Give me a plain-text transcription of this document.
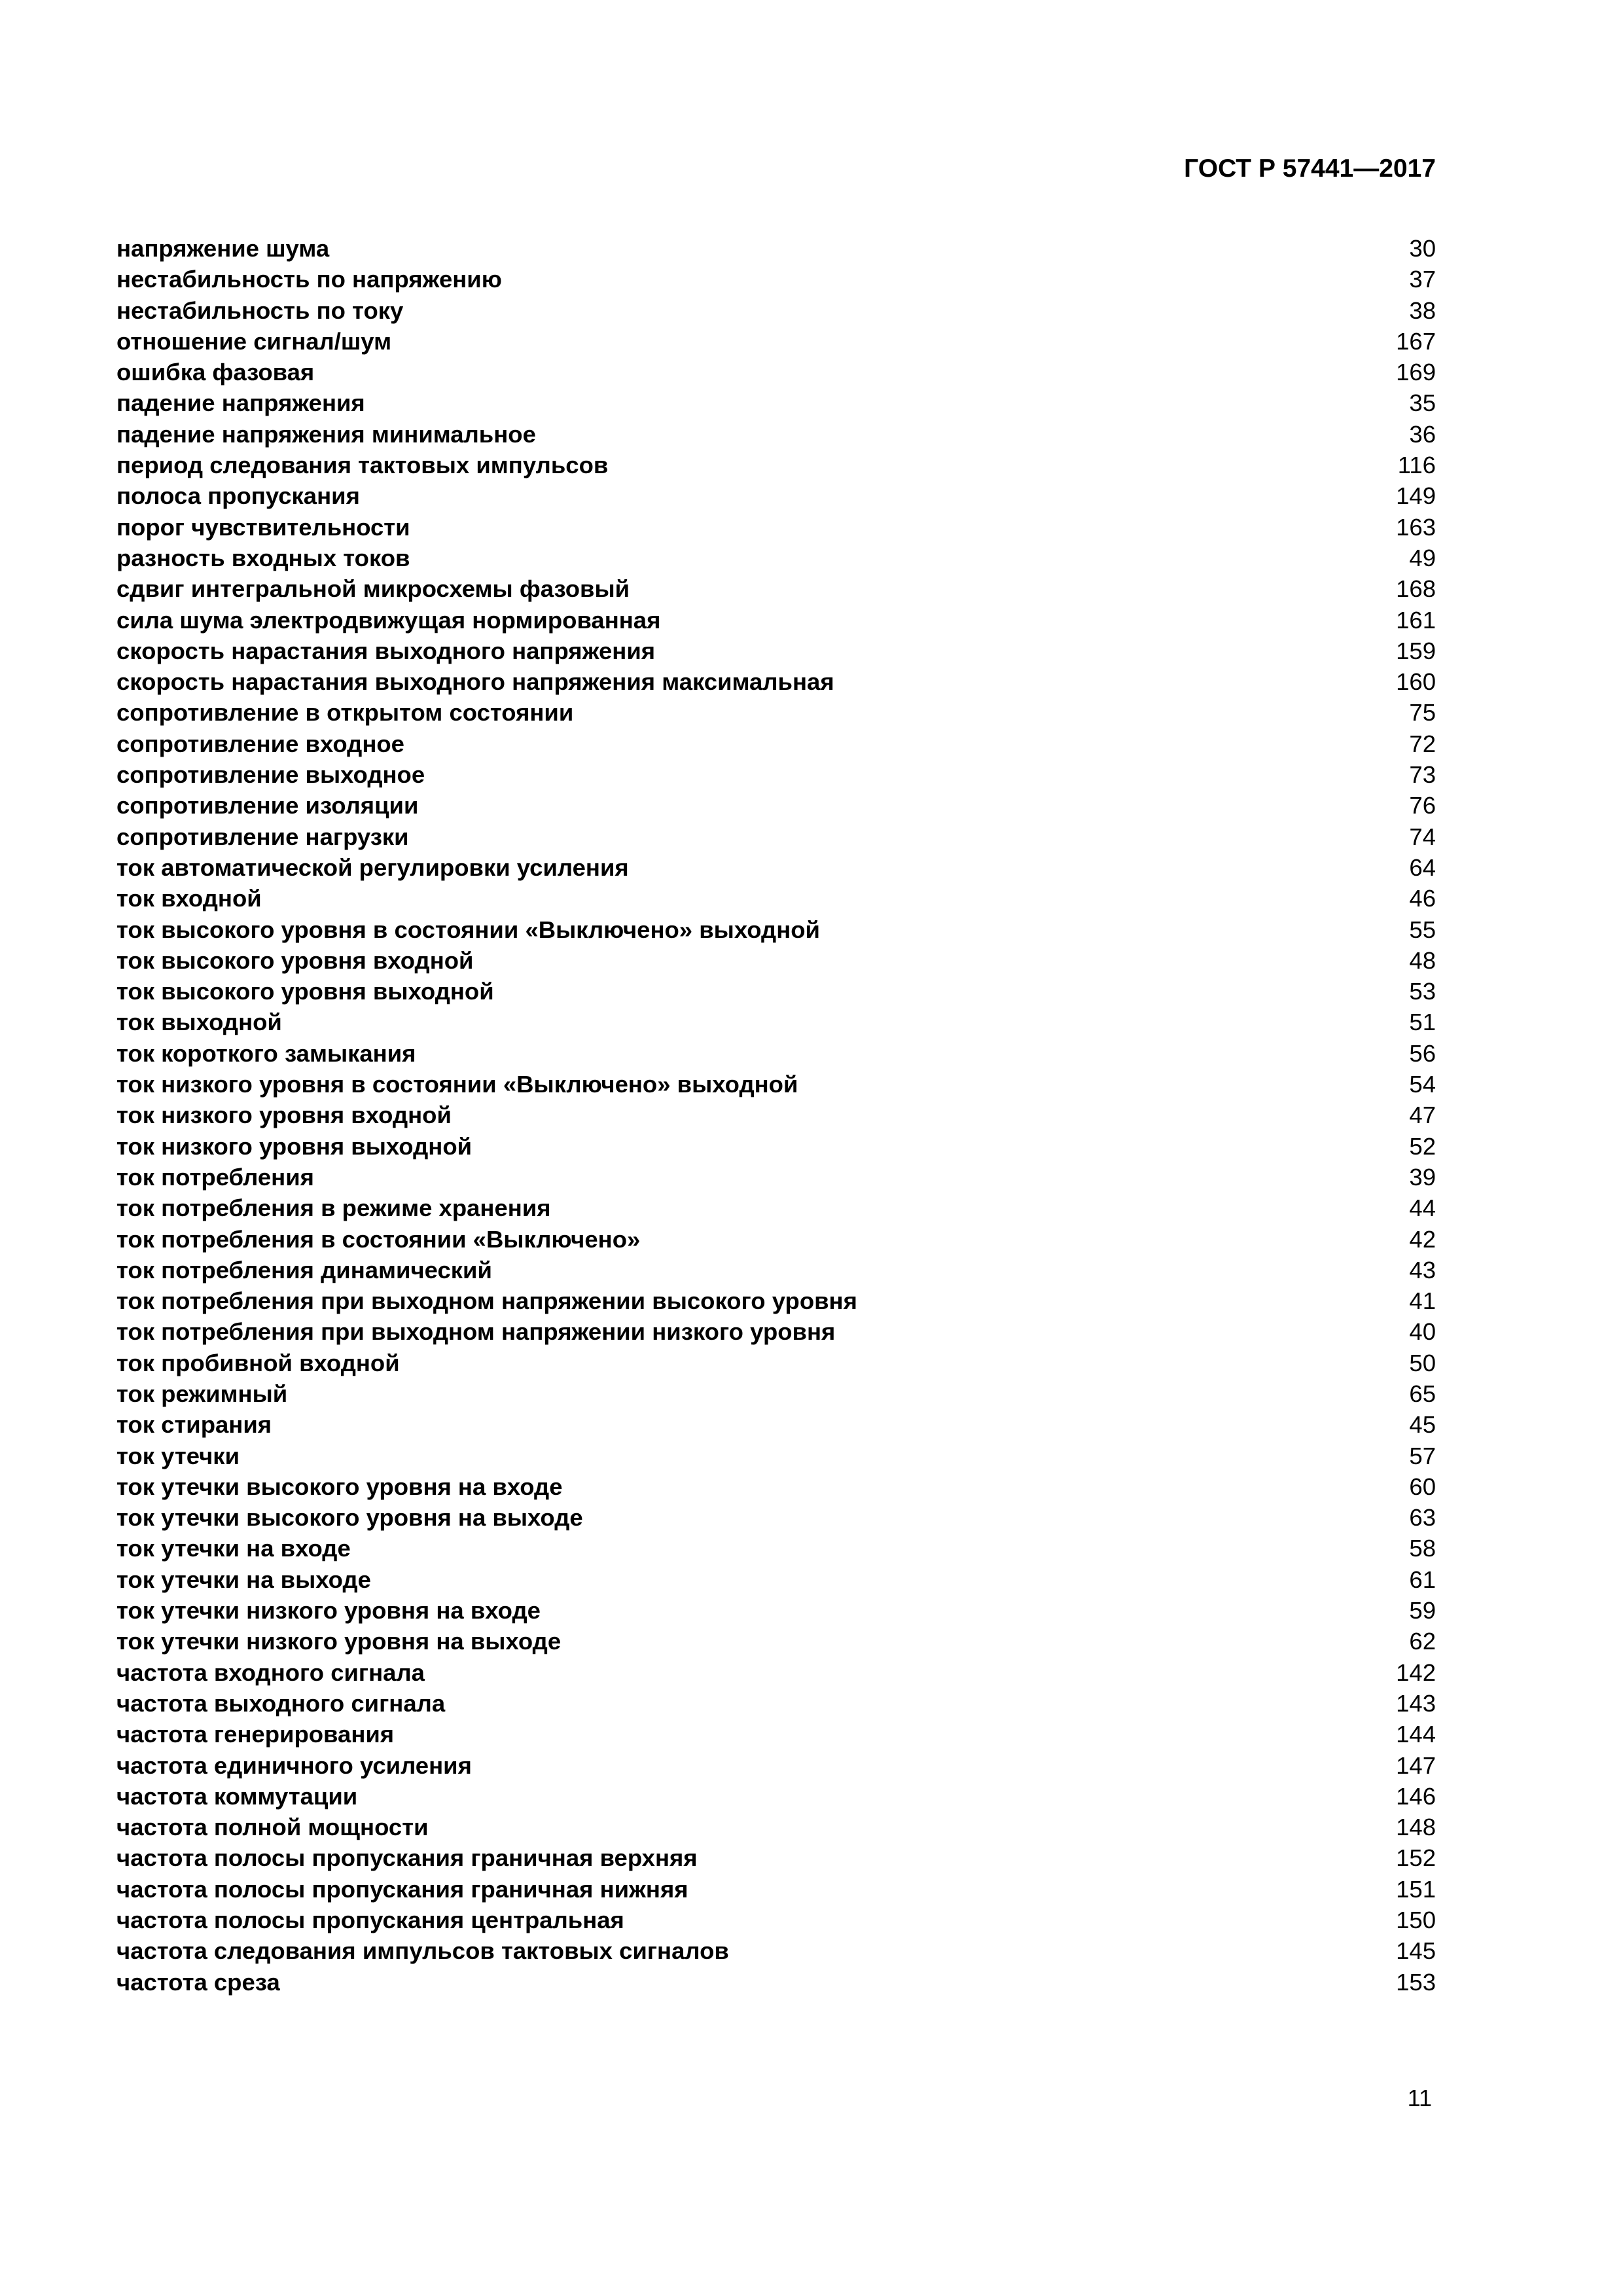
ГОСТ Р 57441—2017
напряжение шума	30
нестабильность по напряжению	37
нестабильность по току	38
отношение сигнал/шум	167
ошибка фазовая	169
падение напряжения	35
падение напряжения минимальное	36
период следования тактовых импульсов	116
полоса пропускания	149
порог чувствительности	163
разность входных токов	49
сдвиг интегральной микросхемы фазовый	168
сила шума электродвижущая нормированная	161
скорость нарастания выходного напряжения	159
скорость нарастания выходного напряжения максимальная	160
сопротивление в открытом состоянии	75
сопротивление входное	72
сопротивление выходное	73
сопротивление изоляции	76
сопротивление нагрузки	74
ток автоматической регулировки усиления	64
ток входной	46
ток высокого уровня в состоянии «Выключено» выходной	55
ток высокого уровня входной	48
ток высокого уровня выходной	53
ток выходной	51
ток короткого замыкания	56
ток низкого уровня в состоянии «Выключено» выходной	54
ток низкого уровня входной	47
ток низкого уровня выходной	52
ток потребления	39
ток потребления в режиме хранения	44
ток потребления в состоянии «Выключено»	42
ток потребления динамический	43
ток потребления при выходном напряжении высокого уровня	41
ток потребления при выходном напряжении низкого уровня	40
ток пробивной входной	50
ток режимный	65
ток стирания	45
ток утечки	57
ток утечки высокого уровня на входе	60
ток утечки высокого уровня на выходе	63
ток утечки на входе	58
ток утечки на выходе	61
ток утечки низкого уровня на входе	59
ток утечки низкого уровня на выходе	62
частота входного сигнала	142
частота выходного сигнала	143
частота генерирования	144
частота единичного усиления	147
частота коммутации	146
частота полной мощности	148
частота полосы пропускания граничная верхняя	152
частота полосы пропускания граничная нижняя	151
частота полосы пропускания центральная	150
частота следования импульсов тактовых сигналов	145
частота среза	153
11
